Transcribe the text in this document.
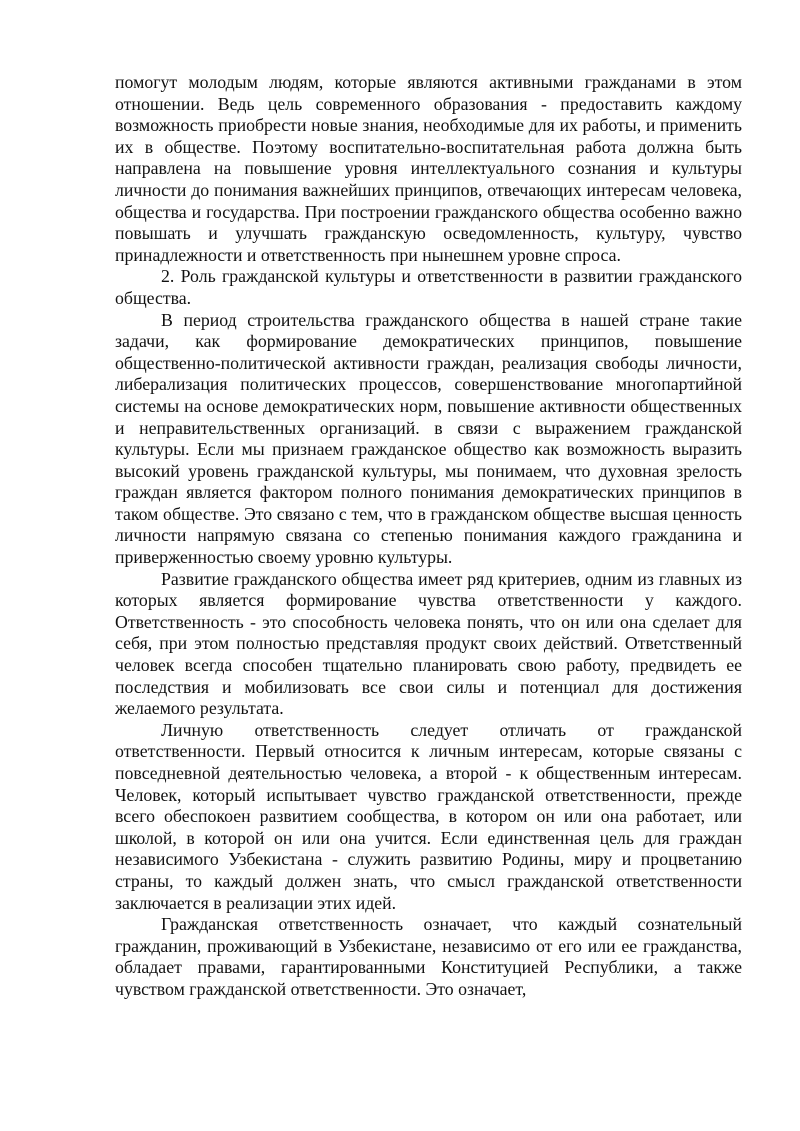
помогут молодым людям, которые являются активными гражданами в этом отношении. Ведь цель современного образования - предоставить каждому возможность приобрести новые знания, необходимые для их работы, и применить их в обществе. Поэтому воспитательно-воспитательная работа должна быть направлена на повышение уровня интеллектуального сознания и культуры личности до понимания важнейших принципов, отвечающих интересам человека, общества и государства. При построении гражданского общества особенно важно повышать и улучшать гражданскую осведомленность, культуру, чувство принадлежности и ответственность при нынешнем уровне спроса.

2. Роль гражданской культуры и ответственности в развитии гражданского общества.

В период строительства гражданского общества в нашей стране такие задачи, как формирование демократических принципов, повышение общественно-политической активности граждан, реализация свободы личности, либерализация политических процессов, совершенствование многопартийной системы на основе демократических норм, повышение активности общественных и неправительственных организаций. в связи с выражением гражданской культуры. Если мы признаем гражданское общество как возможность выразить высокий уровень гражданской культуры, мы понимаем, что духовная зрелость граждан является фактором полного понимания демократических принципов в таком обществе. Это связано с тем, что в гражданском обществе высшая ценность личности напрямую связана со степенью понимания каждого гражданина и приверженностью своему уровню культуры.

Развитие гражданского общества имеет ряд критериев, одним из главных из которых является формирование чувства ответственности у каждого. Ответственность - это способность человека понять, что он или она сделает для себя, при этом полностью представляя продукт своих действий. Ответственный человек всегда способен тщательно планировать свою работу, предвидеть ее последствия и мобилизовать все свои силы и потенциал для достижения желаемого результата.

Личную ответственность следует отличать от гражданской ответственности. Первый относится к личным интересам, которые связаны с повседневной деятельностью человека, а второй - к общественным интересам. Человек, который испытывает чувство гражданской ответственности, прежде всего обеспокоен развитием сообщества, в котором он или она работает, или школой, в которой он или она учится. Если единственная цель для граждан независимого Узбекистана - служить развитию Родины, миру и процветанию страны, то каждый должен знать, что смысл гражданской ответственности заключается в реализации этих идей.

Гражданская ответственность означает, что каждый сознательный гражданин, проживающий в Узбекистане, независимо от его или ее гражданства, обладает правами, гарантированными Конституцией Республики, а также чувством гражданской ответственности. Это означает,
